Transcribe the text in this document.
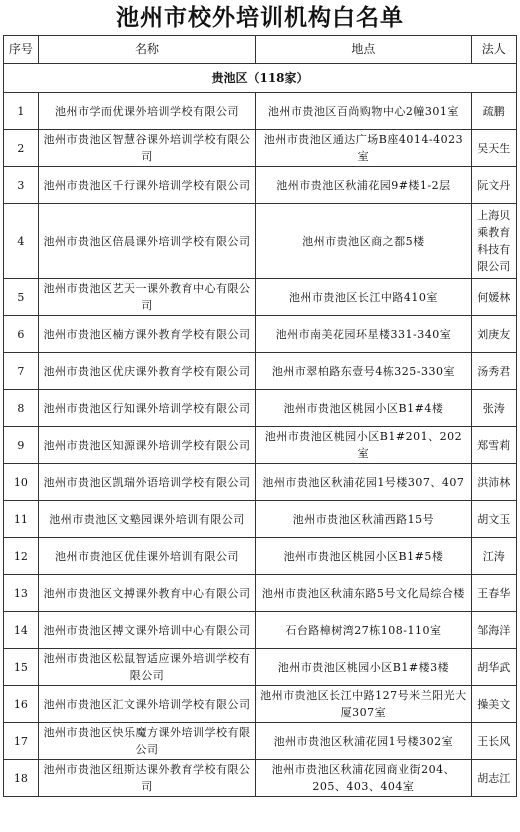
池州市校外培训机构白名单
序号	名称	地点	法人
贵池区（118家）			
1	池州市学而优课外培训学校有限公司	池州市贵池区百尚购物中心2幢301室	疏鹏
2	池州市贵池区智慧谷课外培训学校有限公司	池州市贵池区通达广场B座4014-4023室	吴天生
3	池州市贵池区千行课外培训学校有限公司	池州市贵池区秋浦花园9#楼1-2层	阮文丹
4	池州市贵池区倍晨课外培训学校有限公司	池州市贵池区商之都5楼	上海贝乘教育科技有限公司
5	池州市贵池区艺天一课外教育中心有限公司	池州市贵池区长江中路410室	何媛林
6	池州市贵池区楠方课外教育学校有限公司	池州市南美花园环星楼331-340室	刘庚友
7	池州市贵池区优庆课外教育学校有限公司	池州市翠柏路东壹号4栋325-330室	汤秀君
8	池州市贵池区行知课外培训学校有限公司	池州市贵池区桃园小区B1#4楼	张涛
9	池州市贵池区知源课外培训学校有限公司	池州市贵池区桃园小区B1#201、202室	郑雪莉
10	池州市贵池区凯瑞外语培训学校有限公司	池州市贵池区秋浦花园1号楼307、407	洪沛林
11	池州市贵池区文塾园课外培训有限公司	池州市贵池区秋浦西路15号	胡文玉
12	池州市贵池区优佳课外培训有限公司	池州市贵池区桃园小区B1#5楼	江涛
13	池州市贵池区文搏课外教育中心有限公司	池州市贵池区秋浦东路5号文化局综合楼	王春华
14	池州市贵池区搏文课外培训中心有限公司	石台路樟树湾27栋108-110室	邹海洋
15	池州市贵池区松鼠智适应课外培训学校有限公司	池州市贵池区桃园小区B1#楼3楼	胡华武
16	池州市贵池区汇文课外培训学校有限公司	池州市贵池区长江中路127号米兰阳光大厦307室	操美文
17	池州市贵池区快乐魔方课外培训学校有限公司	池州市贵池区秋浦花园1号楼302室	王长风
18	池州市贵池区纽斯达课外教育学校有限公司	池州市贵池区秋浦花园商业街204、205、403、404室	胡志江
